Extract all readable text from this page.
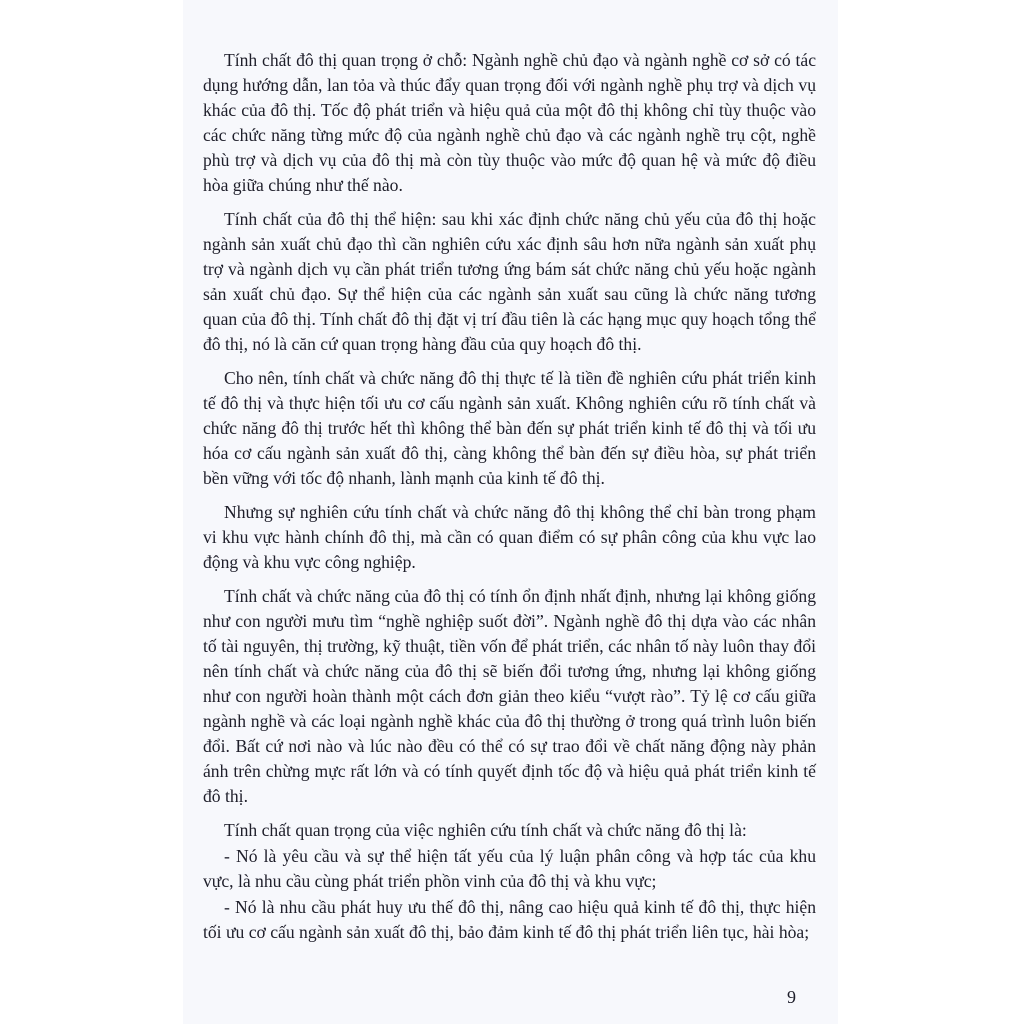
Tính chất đô thị quan trọng ở chỗ: Ngành nghề chủ đạo và ngành nghề cơ sở có tác dụng hướng dẫn, lan tỏa và thúc đẩy quan trọng đối với ngành nghề phụ trợ và dịch vụ khác của đô thị. Tốc độ phát triển và hiệu quả của một đô thị không chỉ tùy thuộc vào các chức năng từng mức độ của ngành nghề chủ đạo và các ngành nghề trụ cột, nghề phù trợ và dịch vụ của đô thị mà còn tùy thuộc vào mức độ quan hệ và mức độ điều hòa giữa chúng như thế nào.

Tính chất của đô thị thể hiện: sau khi xác định chức năng chủ yếu của đô thị hoặc ngành sản xuất chủ đạo thì cần nghiên cứu xác định sâu hơn nữa ngành sản xuất phụ trợ và ngành dịch vụ cần phát triển tương ứng bám sát chức năng chủ yếu hoặc ngành sản xuất chủ đạo. Sự thể hiện của các ngành sản xuất sau cũng là chức năng tương quan của đô thị. Tính chất đô thị đặt vị trí đầu tiên là các hạng mục quy hoạch tổng thể đô thị, nó là căn cứ quan trọng hàng đầu của quy hoạch đô thị.

Cho nên, tính chất và chức năng đô thị thực tế là tiền đề nghiên cứu phát triển kinh tế đô thị và thực hiện tối ưu cơ cấu ngành sản xuất. Không nghiên cứu rõ tính chất và chức năng đô thị trước hết thì không thể bàn đến sự phát triển kinh tế đô thị và tối ưu hóa cơ cấu ngành sản xuất đô thị, càng không thể bàn đến sự điều hòa, sự phát triển bền vững với tốc độ nhanh, lành mạnh của kinh tế đô thị.

Nhưng sự nghiên cứu tính chất và chức năng đô thị không thể chỉ bàn trong phạm vi khu vực hành chính đô thị, mà cần có quan điểm có sự phân công của khu vực lao động và khu vực công nghiệp.

Tính chất và chức năng của đô thị có tính ổn định nhất định, nhưng lại không giống như con người mưu tìm “nghề nghiệp suốt đời”. Ngành nghề đô thị dựa vào các nhân tố tài nguyên, thị trường, kỹ thuật, tiền vốn để phát triển, các nhân tố này luôn thay đổi nên tính chất và chức năng của đô thị sẽ biến đổi tương ứng, nhưng lại không giống như con người hoàn thành một cách đơn giản theo kiểu “vượt rào”. Tỷ lệ cơ cấu giữa ngành nghề và các loại ngành nghề khác của đô thị thường ở trong quá trình luôn biến đổi. Bất cứ nơi nào và lúc nào đều có thể có sự trao đổi về chất năng động này phản ánh trên chừng mực rất lớn và có tính quyết định tốc độ và hiệu quả phát triển kinh tế đô thị.

Tính chất quan trọng của việc nghiên cứu tính chất và chức năng đô thị là:

- Nó là yêu cầu và sự thể hiện tất yếu của lý luận phân công và hợp tác của khu vực, là nhu cầu cùng phát triển phồn vinh của đô thị và khu vực;

- Nó là nhu cầu phát huy ưu thế đô thị, nâng cao hiệu quả kinh tế đô thị, thực hiện tối ưu cơ cấu ngành sản xuất đô thị, bảo đảm kinh tế đô thị phát triển liên tục, hài hòa;

9
